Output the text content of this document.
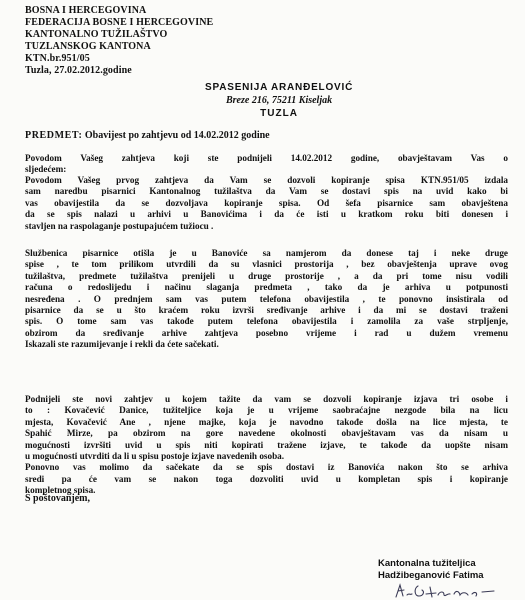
BOSNA I HERCEGOVINA
FEDERACIJA BOSNE I HERCEGOVINE
KANTONALNO TUŽILAŠTVO
TUZLANSKOG KANTONA
KTN.br.951/05
Tuzla, 27.02.2012.godine
SPASENIJA ARANĐELOVIĆ
Breze 216, 75211 Kiseljak
TUZLA
PREDMET: Obavijest po zahtjevu od 14.02.2012 godine
Povodom Vašeg zahtjeva koji ste podnijeli 14.02.2012 godine, obavještavam Vas o
sljedećem:
Povodom Vašeg prvog zahtjeva da Vam se dozvoli kopiranje spisa KTN.951/05 izdala
sam naredbu pisarnici Kantonalnog tužilaštva da Vam se dostavi spis na uvid kako bi
vas obavijestila da se dozvoljava kopiranje spisa. Od šefa pisarnice sam obavještena
da se spis nalazi u arhivi u Banovićima i da će isti u kratkom roku biti donesen i
stavljen na raspolaganje postupajućem tužiocu .
Službenica pisarnice otišla je u Banoviće sa namjerom da donese taj i neke druge
spise , te tom prilikom utvrdili da su vlasnici prostorija , bez obavještenja uprave ovog
tužilaštva, predmete tužilaštva prenijeli u druge prostorije , a da pri tome nisu vodili
računa o redoslijedu i načinu slaganja predmeta , tako da je arhiva u potpunosti
nesređena . O prednjem sam vas putem telefona obavijestila , te ponovno insistirala od
pisarnice da se u što kraćem roku izvrši sređivanje arhive i da mi se dostavi traženi
spis. O tome sam vas takođe putem telefona obavijestila i zamolila za vaše strpljenje,
obzirom da sređivanje arhive zahtjeva posebno vrijeme i rad u dužem vremenu
Iskazali ste razumijevanje i rekli da ćete sačekati.
Podnijeli ste novi zahtjev u kojem tažite da vam se dozvoli kopiranje izjava tri osobe i
to : Kovačević Danice, tužiteljice koja je u vrijeme saobraćajne nezgode bila na licu
mjesta, Kovačević Ane , njene majke, koja je navodno takođe došla na lice mjesta, te
Spahić Mirze, pa obzirom na gore navedene okolnosti obavještavam vas da nisam u
mogućnosti izvršiti uvid u spis niti kopirati tražene izjave, te takođe da uopšte nisam
u mogućnosti utvrditi da li u spisu postoje izjave navedenih osoba.
Ponovno vas molimo da sačekate da se spis dostavi iz Banovića nakon što se arhiva
sredi pa će vam se nakon toga dozvoliti uvid u kompletan spis i kopiranje
kompletnog spisa.
S poštovanjem,
Kantonalna tužiteljica
Hadžibeganović Fatima
